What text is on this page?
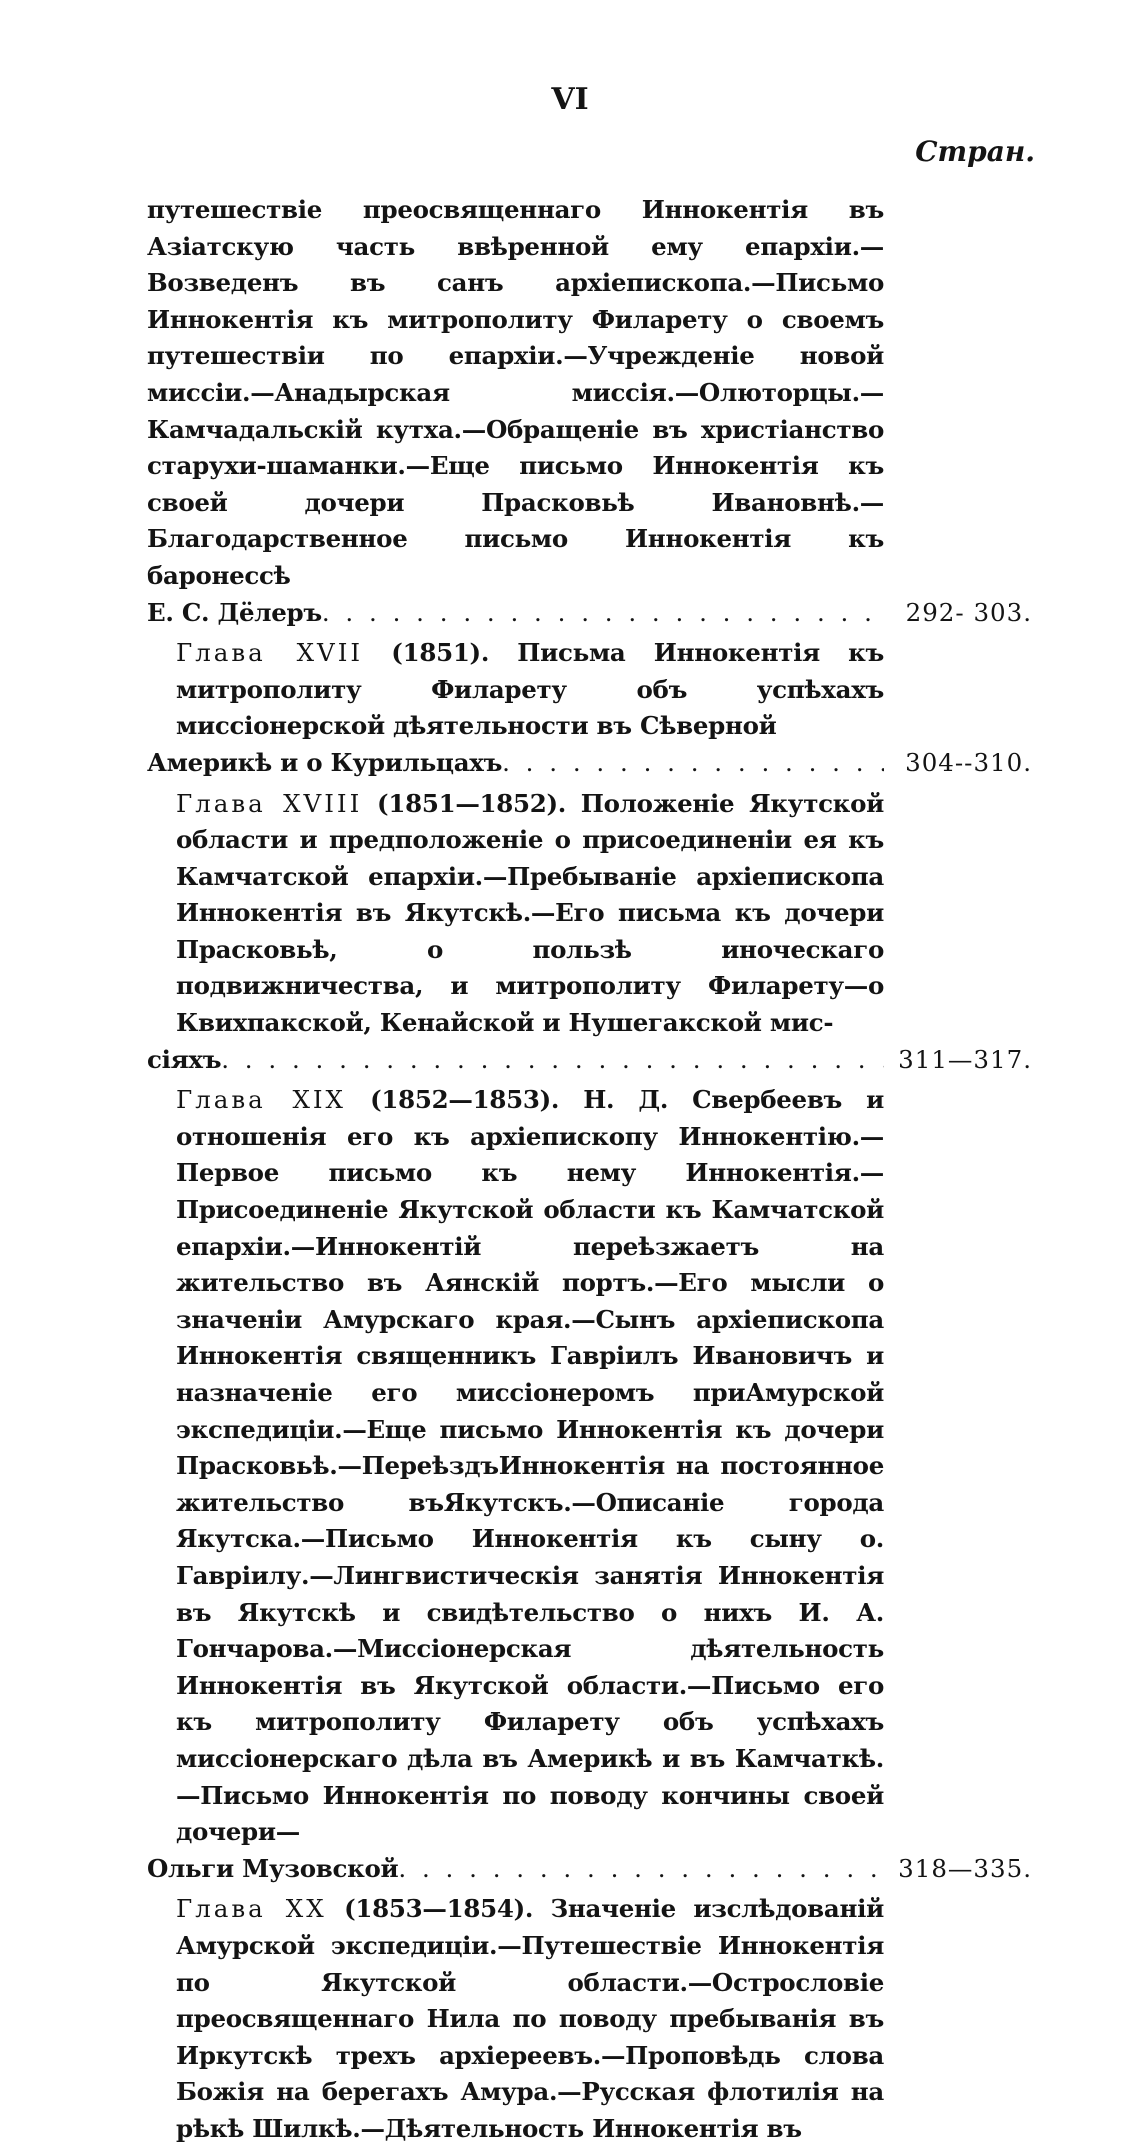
VI
Стран.
путешествіе преосвященнаго Иннокентія въ Азіатскую часть ввѣренной ему епархіи.—Возведенъ въ санъ архіепископа.—Письмо Иннокентія къ митрополиту Филарету о своемъ путешествіи по епархіи.—Учрежденіе новой миссіи.—Анадырская миссія.—Олюторцы.—Камчадальскій кутха.—Обращеніе въ христіанство старухи-шаманки.—Еще письмо Иннокентія къ своей дочери Прасковьѣ Ивановнѣ.—Благодарственное письмо Иннокентія къ баронессѣ
Е. С. Дёлеръ . . .	292- 303.
Глава XVII (1851). Письма Иннокентія къ митрополиту Филарету объ успѣхахъ миссіонерской дѣятельности въ Сѣверной
Америкѣ и о Курильцахъ . . .	304--310.
Глава XVIII (1851—1852). Положеніе Якутской области и предположеніе о присоединеніи ея къ Камчатской епархіи.—Пребываніе архіепископа Иннокентія въ Якутскѣ.—Его письма къ дочери Прасковьѣ, о пользѣ иноческаго подвижничества, и митрополиту Филарету—о Квихпакской, Кенайской и Нушегакской мис-
сіяхъ . . .	311—317.
Глава XIX (1852—1853). Н. Д. Свербеевъ и отношенія его къ архіепископу Иннокентію.—Первое письмо къ нему Иннокентія.—Присоединеніе Якутской области къ Камчатской епархіи.—Иннокентій переѣзжаетъ на жительство въ Аянскій портъ.—Его мысли о значеніи Амурскаго края.—Сынъ архіепископа Иннокентія священникъ Гавріилъ Ивановичъ и назначеніе его миссіонеромъ приАмурской экспедиціи.—Еще письмо Иннокентія къ дочери Прасковьѣ.—ПереѣздъИннокентія на постоянное жительство въЯкутскъ.—Описаніе города Якутска.—Письмо Иннокентія къ сыну о. Гавріилу.—Лингвистическія занятія Иннокентія въ Якутскѣ и свидѣтельство о нихъ И. А. Гончарова.—Миссіонерская дѣятельность Иннокентія въ Якутской области.—Письмо его къ митрополиту Филарету объ успѣхахъ миссіонерскаго дѣла въ Америкѣ и въ Камчаткѣ.—Письмо Иннокентія по поводу кончины своей дочери—
Ольги Музовской . . .	318—335.
Глава XX (1853—1854). Значеніе изслѣдованій Амурской экспедиціи.—Путешествіе Иннокентія по Якутской области.—Острословіе преосвященнаго Нила по поводу пребыванія въ Иркутскѣ трехъ архіереевъ.—Проповѣдь слова Божія на берегахъ Амура.—Русская флотилія на рѣкѣ Шилкѣ.—Дѣятельность Иннокентія въ
